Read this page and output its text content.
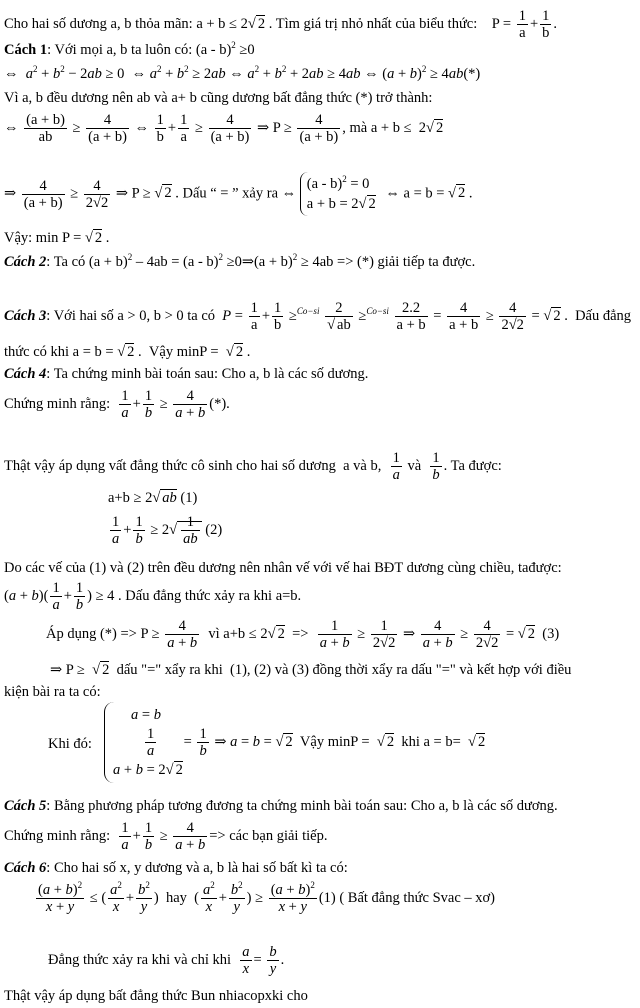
Cho hai số dương a, b thỏa mãn: a + b ≤ 2√ 2 . Tìm giá trị nhỏ nhất của biểu thức:    $P = \frac{1}{a} + \frac{1}{b}$ .
Cách 1: Với mọi a, b ta luôn có: (a - b)$^2$ ≥0
⇔  $a^2 + b^2 - 2ab \ge 0$  ⇔ $a^2 + b^2 \ge 2ab$ ⇔ $a^2 + b^2 + 2ab \ge 4ab$ ⇔ $(a + b)^2 \ge 4ab(*)$
Vì a, b đều dương nên ab và a+ b cũng dương bất đẳng thức (*) trở thành:
⇔ $\frac{(a + b)}{ab} \ge \frac{4}{(a + b)}$ ⇔ $\frac{1}{b} + \frac{1}{a} \ge \frac{4}{(a + b)}$ ⇒ $P \ge \frac{4}{(a + b)}$ , mà a + b ≤  2√ 2
⇒ $\frac{4}{(a + b)} \ge \frac{4}{2√2}$ ⇒ P ≥ √ 2 . Dấu “ = ” xảy ra ⇔ (a - b)$^2$ = 0
a + b = 2√ 2 ⇔ a = b = √ 2 .
Vậy: min P = √ 2 .
Cách 2: Ta có $(a + b)^2 - 4ab = (a - b)^2$ ≥0⇒(a + b)$^2$ ≥ 4ab => (*) giải tiếp ta được.
Cách 3: Với hai số a > 0, b > 0 ta có  $P = \frac{1}{a} + \frac{1}{b} \ge^{Co-si} \frac{2}{√ ab} \ge^{Co-si} \frac{2.2}{a + b} = \frac{4}{a + b} \ge \frac{4}{2√2}$ = √ 2 .  Dấu đẳng
thức có khi a = b = √ 2 .  Vậy minP =  √ 2 .
Cách 4: Ta chứng minh bài toán sau: Cho a, b là các số dương.
Chứng minh rằng: $\frac{1}{a} + \frac{1}{b} \ge \frac{4}{a + b}$ (*).
Thật vậy áp dụng vất đẳng thức cô sinh cho hai số dương  a và b, $\frac{1}{a}$ và $\frac{1}{b}$ . Ta được:
a+b ≥ 2√ ab (1)
$\frac{1}{a} + \frac{1}{b} \ge 2√ \frac{1}{ab} (2)$
Do các vế của (1) và (2) trên đều dương nên nhân vế với vế hai BĐT dương cùng chiều, tađược:
$(a + b)( \frac{1}{a} + \frac{1}{b}$ ) ≥ 4 . Dấu đẳng thức xảy ra khi a=b.
Áp dụng (*) => $P \ge \frac{4}{a + b}$ vì a+b ≤ 2√ $2 => \frac{1}{a + b} \ge \frac{1}{2√2}$ ⇒ $\frac{4}{a + b} \ge \frac{4}{2√2}$ = √ 2  (3)
⇒ P ≥  √ 2  dấu "=" xẩy ra khi  (1), (2) và (3) đồng thời xẩy ra dấu "=" và kết hợp với điều
kiện bài ra ta có:
Khi đó:
a = b
$\frac{1}{a} = \frac{1}{b}$ ⇒ a = b = √ 2 Vậy minP =  √ 2  khi a = b=  √ 2
a + b = 2√ 2
Cách 5: Bằng phương pháp tương đương ta chứng minh bài toán sau: Cho a, b là các số dương.
Chứng minh rằng: $\frac{1}{a} + \frac{1}{b} \ge \frac{4}{a + b}$ => các bạn giải tiếp.
Cách 6: Cho hai số x, y dương và a, b là hai số bất kì ta có:
$\frac{(a + b)^2}{x + y}$ ≤ ( $\frac{a^2}{x} + \frac{b^2}{y}$ )  hay  ( $\frac{a^2}{x} + \frac{b^2}{y}$ ) ≥ $\frac{(a + b)^2}{x + y} (1)$ ( Bất đẳng thức Svac – xơ)
Đẳng thức xảy ra khi và chỉ khi $\frac{a}{x} = \frac{b}{y}$ .
Thật vậy áp dụng bất đẳng thức Bun nhiacopxki cho
